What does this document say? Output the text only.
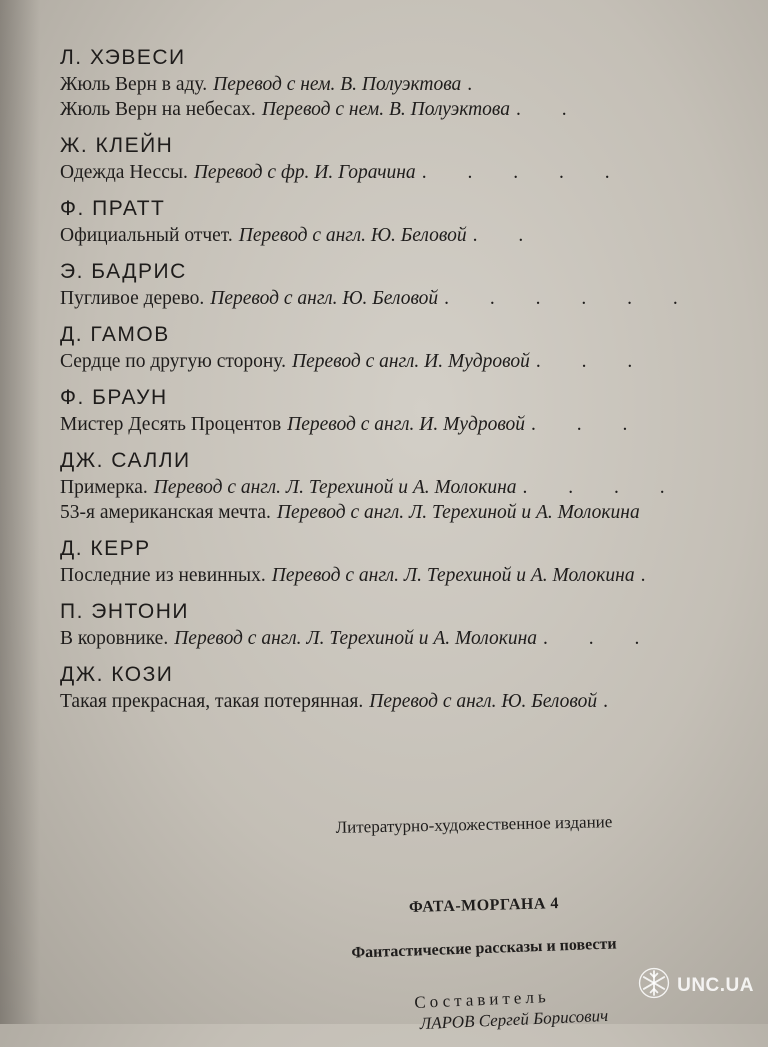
Л. ХЭВЕСИ
Жюль Верн в аду. Перевод с нем. В. Полуэктова .
Жюль Верн на небесах. Перевод с нем. В. Полуэктова . .
Ж. КЛЕЙН
Одежда Нессы. Перевод с фр. И. Горачина . . . . .
Ф. ПРАТТ
Официальный отчет. Перевод с англ. Ю. Беловой . .
Э. БАДРИС
Пугливое дерево. Перевод с англ. Ю. Беловой . . . . . .
Д. ГАМОВ
Сердце по другую сторону. Перевод с англ. И. Мудровой . . .
Ф. БРАУН
Мистер Десять Процентов Перевод с англ. И. Мудровой . . .
ДЖ. САЛЛИ
Примерка. Перевод с англ. Л. Терехиной и А. Молокина . . . .
53-я американская мечта. Перевод с англ. Л. Терехиной и А. Молокина
Д. КЕРР
Последние из невинных. Перевод с англ. Л. Терехиной и А. Молокина .
П. ЭНТОНИ
В коровнике. Перевод с англ. Л. Терехиной и А. Молокина . . .
ДЖ. КОЗИ
Такая прекрасная, такая потерянная. Перевод с англ. Ю. Беловой .
Литературно-художественное издание
ФАТА-МОРГАНА 4
Фантастические рассказы и повести
Составитель
ЛАРОВ Сергей Борисович
UNC.UA
